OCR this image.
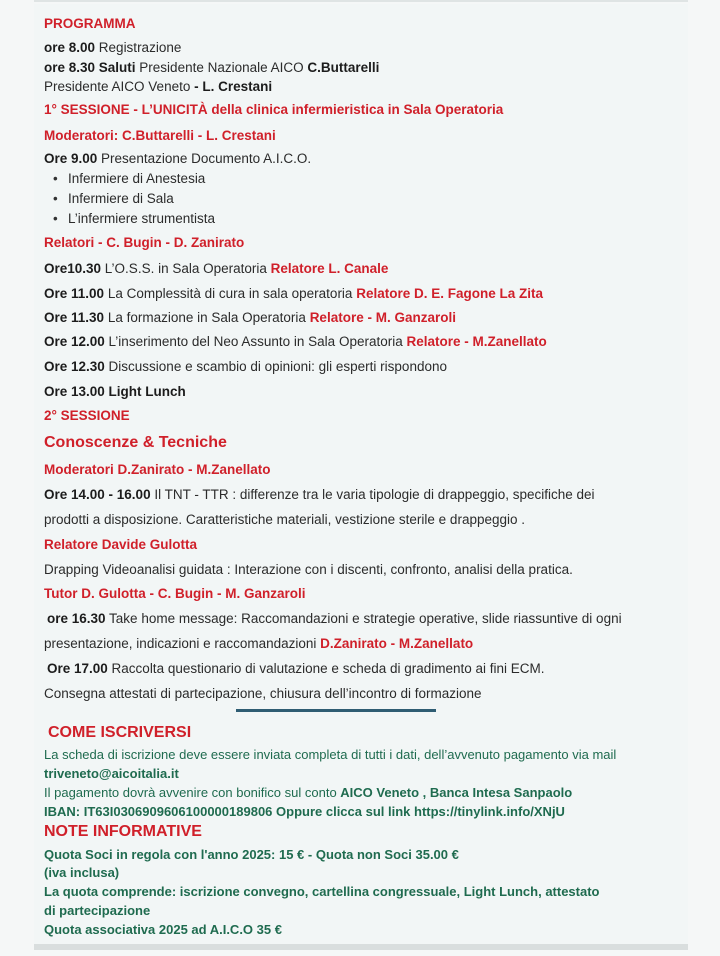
PROGRAMMA
ore 8.00 Registrazione
ore 8.30 Saluti Presidente Nazionale AICO C.Buttarelli
Presidente AICO Veneto - L. Crestani
1° SESSIONE - L’UNICITÀ della clinica infermieristica in Sala Operatoria
Moderatori: C.Buttarelli - L. Crestani
Ore 9.00 Presentazione Documento A.I.C.O.
• Infermiere di Anestesia
• Infermiere di Sala
• L’infermiere strumentista
Relatori - C. Bugin - D. Zanirato
Ore10.30 L’O.S.S. in Sala Operatoria Relatore L. Canale
Ore 11.00 La Complessità di cura in sala operatoria Relatore D. E. Fagone La Zita
Ore 11.30 La formazione in Sala Operatoria Relatore - M. Ganzaroli
Ore 12.00 L’inserimento del Neo Assunto in Sala Operatoria Relatore - M.Zanellato
Ore 12.30 Discussione e scambio di opinioni: gli esperti rispondono
Ore 13.00 Light Lunch
2° SESSIONE
Conoscenze & Tecniche
Moderatori D.Zanirato - M.Zanellato
Ore 14.00 - 16.00 Il TNT - TTR : differenze tra le varia tipologie di drappeggio, specifiche dei
prodotti a disposizione. Caratteristiche materiali, vestizione sterile e drappeggio .
Relatore Davide Gulotta
Drapping Videoanalisi guidata : Interazione con i discenti, confronto, analisi della pratica.
Tutor D. Gulotta - C. Bugin - M. Ganzaroli
ore 16.30 Take home message: Raccomandazioni e strategie operative, slide riassuntive di ogni
presentazione, indicazioni e raccomandazioni D.Zanirato - M.Zanellato
Ore 17.00 Raccolta questionario di valutazione e scheda di gradimento ai fini ECM.
Consegna attestati di partecipazione, chiusura dell’incontro di formazione
COME ISCRIVERSI
La scheda di iscrizione deve essere inviata completa di tutti i dati, dell’avvenuto pagamento via mail
triveneto@aicoitalia.it
Il pagamento dovrà avvenire con bonifico sul conto AICO Veneto , Banca Intesa Sanpaolo
IBAN: IT63I0306909606100000189806 Oppure clicca sul link https://tinylink.info/XNjU
NOTE INFORMATIVE
Quota Soci in regola con l'anno 2025: 15 € - Quota non Soci 35.00 €
(iva inclusa)
La quota comprende: iscrizione convegno, cartellina congressuale, Light Lunch, attestato
di partecipazione
Quota associativa 2025 ad A.I.C.O 35 €
